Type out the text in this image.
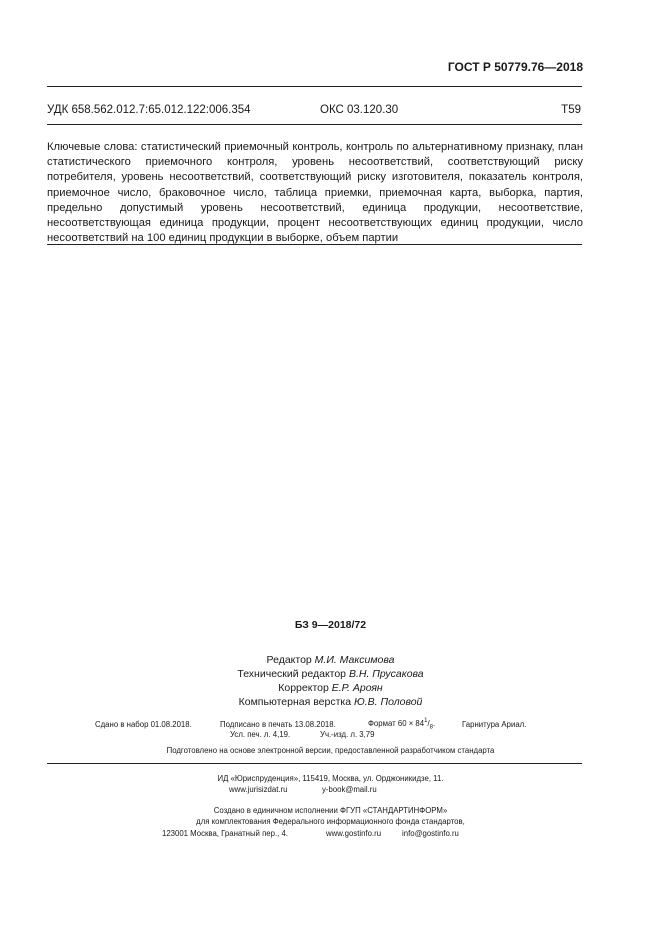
ГОСТ Р 50779.76—2018
УДК 658.562.012.7:65.012.122:006.354	ОКС 03.120.30	Т59
Ключевые слова: статистический приемочный контроль, контроль по альтернативному признаку, план статистического приемочного контроля, уровень несоответствий, соответствующий риску потребителя, уровень несоответствий, соответствующий риску изготовителя, показатель контроля, приемочное число, браковочное число, таблица приемки, приемочная карта, выборка, партия, предельно допустимый уровень несоответствий, единица продукции, несоответствие, несоответствующая единица продукции, процент несоответствующих единиц продукции, число несоответствий на 100 единиц продукции в выборке, объем партии
БЗ 9—2018/72
Редактор М.И. Максимова
Технический редактор В.Н. Прусакова
Корректор Е.Р. Ароян
Компьютерная верстка Ю.В. Половой
Сдано в набор 01.08.2018.	Подписано в печать 13.08.2018.	Формат $60 \times 84^1/_8$.	Гарнитура Ариал.
Усл. печ. л. 4,19.	Уч.-изд. л. 3,79
Подготовлено на основе электронной версии, предоставленной разработчиком стандарта
ИД «Юриспруденция», 115419, Москва, ул. Орджоникидзе, 11.
www.jurisizdat.ru	y-book@mail.ru
Создано в единичном исполнении ФГУП «СТАНДАРТИНФОРМ»
для комплектования Федерального информационного фонда стандартов,
123001 Москва, Гранатный пер., 4.	www.gostinfo.ru	info@gostinfo.ru
